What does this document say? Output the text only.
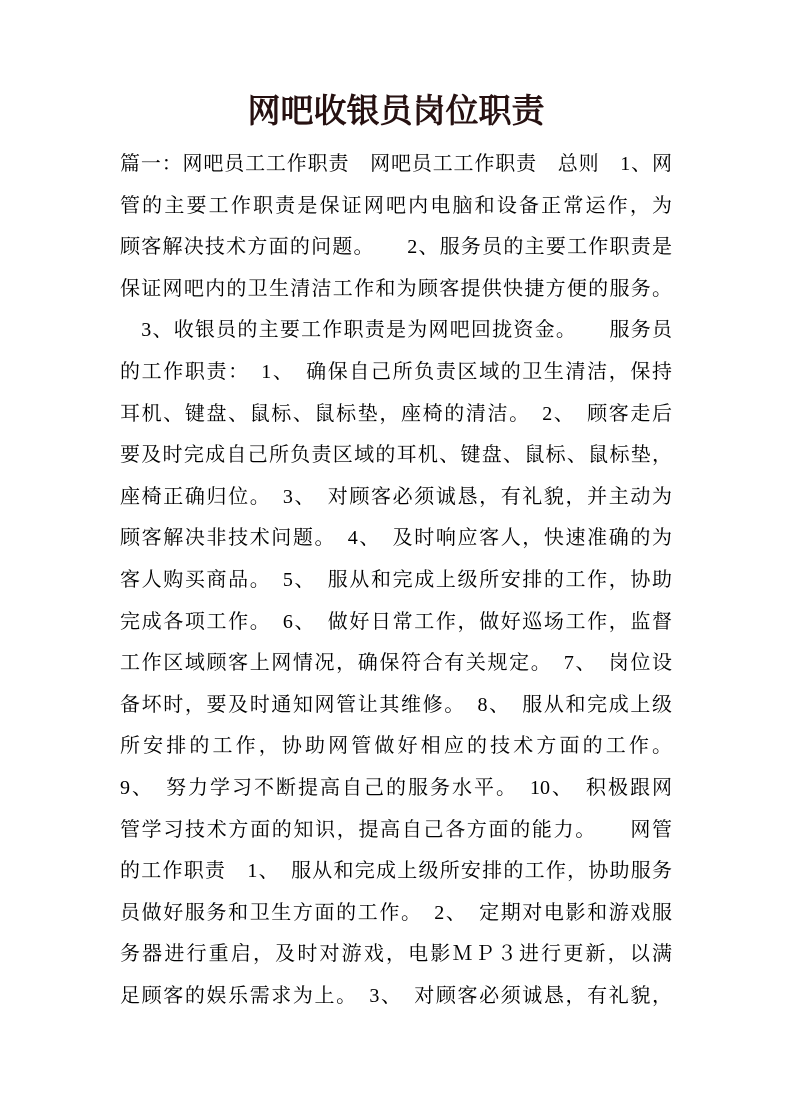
网吧收银员岗位职责
篇一：网吧员工工作职责　网吧员工工作职责　总则　1、网
管的主要工作职责是保证网吧内电脑和设备正常运作，为
顾客解决技术方面的问题。　　2、服务员的主要工作职责是
保证网吧内的卫生清洁工作和为顾客提供快捷方便的服务。
　3、收银员的主要工作职责是为网吧回拢资金。　　服务员
的工作职责：　1、　确保自己所负责区域的卫生清洁，保持
耳机、键盘、鼠标、鼠标垫，座椅的清洁。　2、　顾客走后
要及时完成自己所负责区域的耳机、键盘、鼠标、鼠标垫，
座椅正确归位。　3、　对顾客必须诚恳，有礼貌，并主动为
顾客解决非技术问题。　4、　及时响应客人，快速准确的为
客人购买商品。　5、　服从和完成上级所安排的工作，协助
完成各项工作。　6、　做好日常工作，做好巡场工作，监督
工作区域顾客上网情况，确保符合有关规定。　7、　岗位设
备坏时，要及时通知网管让其维修。　8、　服从和完成上级
所安排的工作，协助网管做好相应的技术方面的工作。
9、　努力学习不断提高自己的服务水平。　10、　积极跟网
管学习技术方面的知识，提高自己各方面的能力。　　网管
的工作职责　1、　服从和完成上级所安排的工作，协助服务
员做好服务和卫生方面的工作。　2、　定期对电影和游戏服
务器进行重启，及时对游戏，电影ＭＰ３进行更新，以满
足顾客的娱乐需求为上。　3、　对顾客必须诚恳，有礼貌，
